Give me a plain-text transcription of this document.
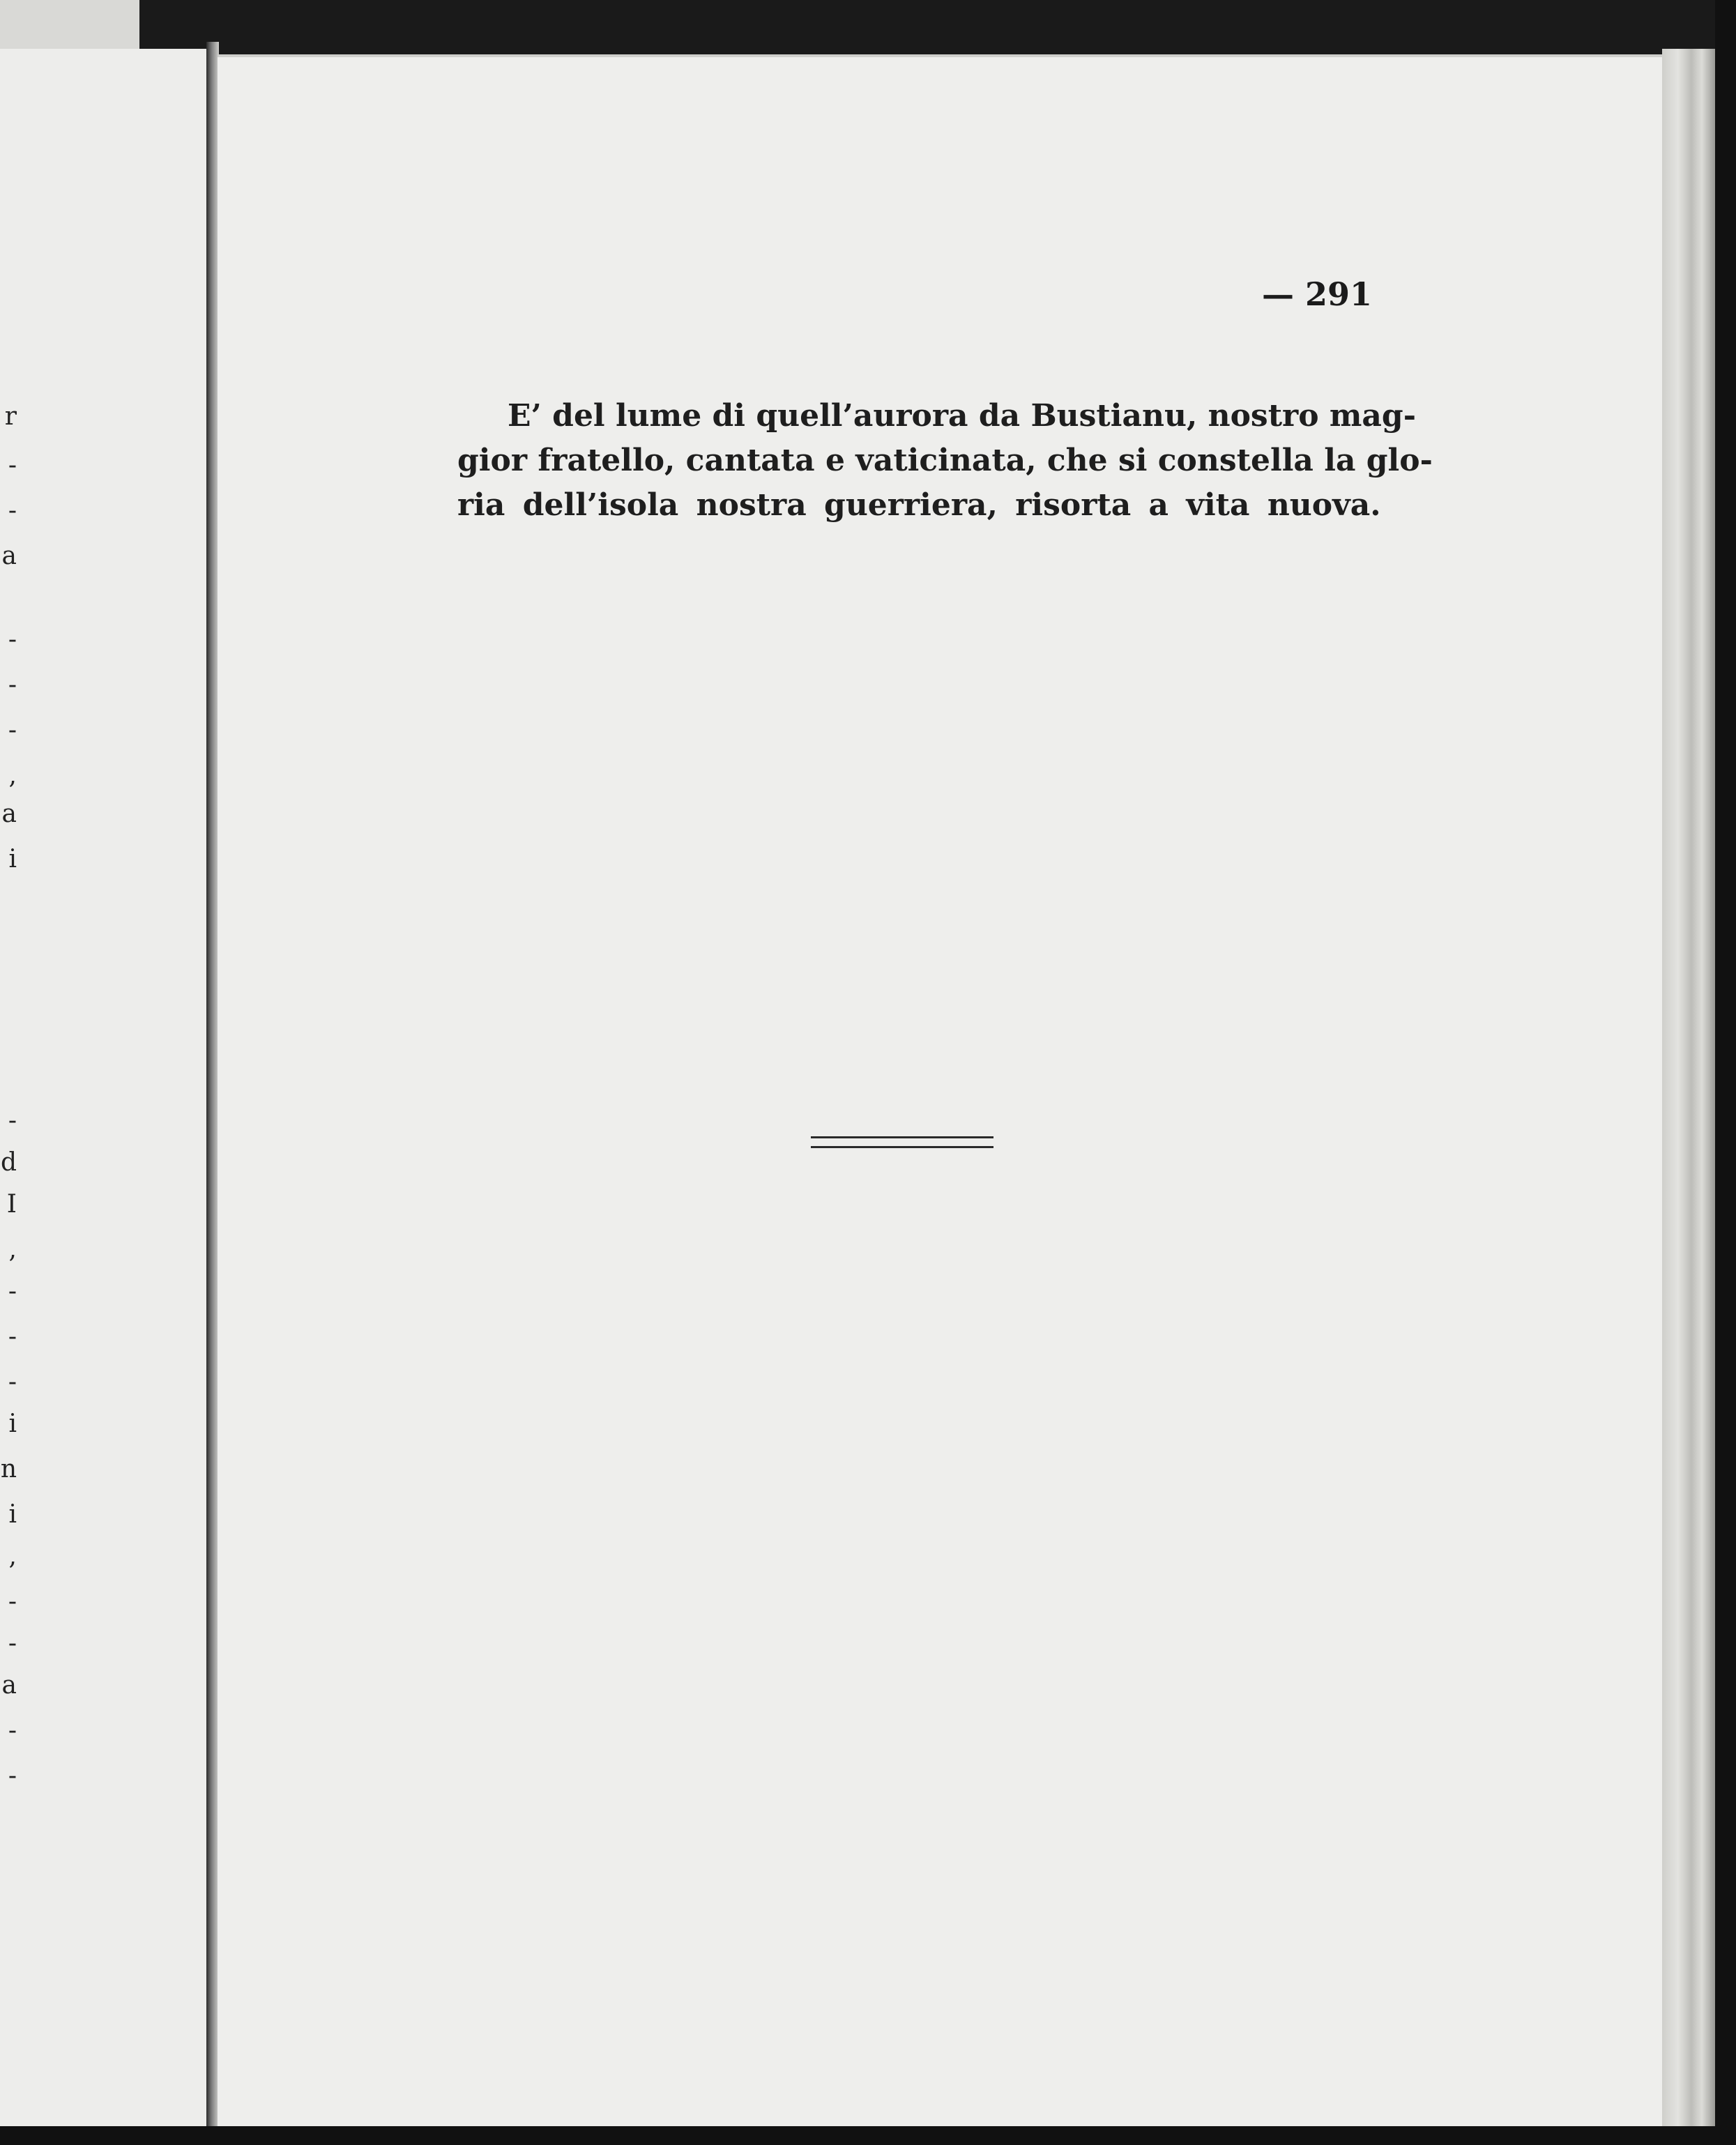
r
-
-
a
-
-
-
,
a
i
-
d
I
,
-
-
-
i
n
i
,
-
-
a
-
-
— 291
E’ del lume di quell’aurora da Bustianu, nostro mag-
gior fratello, cantata e vaticinata, che si constella la glo-
ria dell’isola nostra guerriera, risorta a vita nuova.
